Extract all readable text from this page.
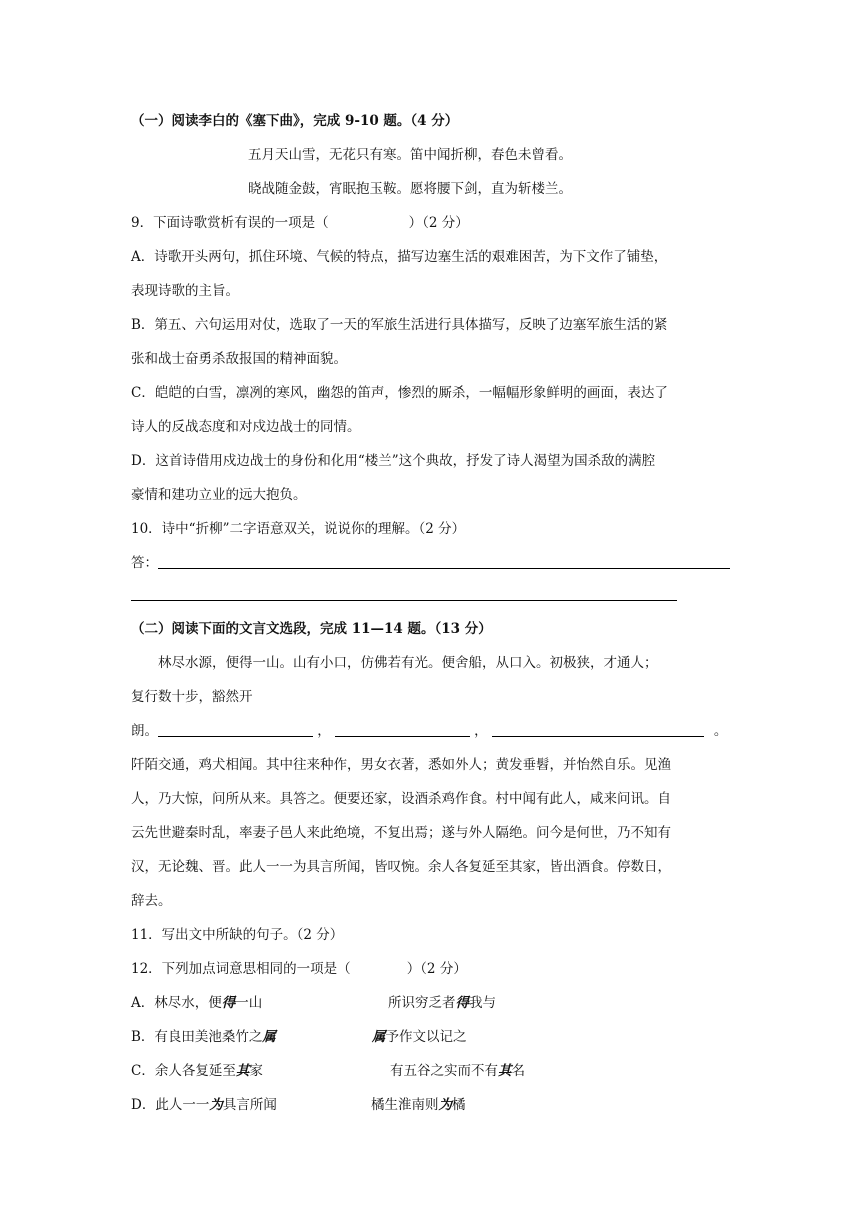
（一）阅读李白的《塞下曲》，完成 9-10 题。（4 分）
五月天山雪，无花只有寒。笛中闻折柳，春色未曾看。
晓战随金鼓，宵眠抱玉鞍。愿将腰下剑，直为斩楼兰。
9．下面诗歌赏析有误的一项是（	）（2 分）
A．诗歌开头两句，抓住环境、气候的特点，描写边塞生活的艰难困苦，为下文作了铺垫，
表现诗歌的主旨。
B．第五、六句运用对仗，选取了一天的军旅生活进行具体描写，反映了边塞军旅生活的紧
张和战士奋勇杀敌报国的精神面貌。
C．皑皑的白雪，凛冽的寒风，幽怨的笛声，惨烈的厮杀，一幅幅形象鲜明的画面，表达了
诗人的反战态度和对戍边战士的同情。
D．这首诗借用戍边战士的身份和化用“楼兰”这个典故，抒发了诗人渴望为国杀敌的满腔
豪情和建功立业的远大抱负。
10．诗中“折柳”二字语意双关，说说你的理解。（2 分）
答：
（二）阅读下面的文言文选段，完成 11—14 题。（13 分）
林尽水源，便得一山。山有小口，仿佛若有光。便舍船，从口入。初极狭，才通人；
复行数十步，豁然开
朗。	，	，	。
阡陌交通，鸡犬相闻。其中往来种作，男女衣著，悉如外人；黄发垂髫，并怡然自乐。见渔
人，乃大惊，问所从来。具答之。便要还家，设酒杀鸡作食。村中闻有此人，咸来问讯。自
云先世避秦时乱，率妻子邑人来此绝境，不复出焉；遂与外人隔绝。问今是何世，乃不知有
汉，无论魏、晋。此人一一为具言所闻，皆叹惋。余人各复延至其家，皆出酒食。停数日，
辞去。
11．写出文中所缺的句子。（2 分）
12．下列加点词意思相同的一项是（	）（2 分）
A．林尽水，便得一山	所识穷乏者得我与
B．有良田美池桑竹之属	属予作文以记之
C．余人各复延至其家	有五谷之实而不有其名
D．此人一一为具言所闻	橘生淮南则为橘
